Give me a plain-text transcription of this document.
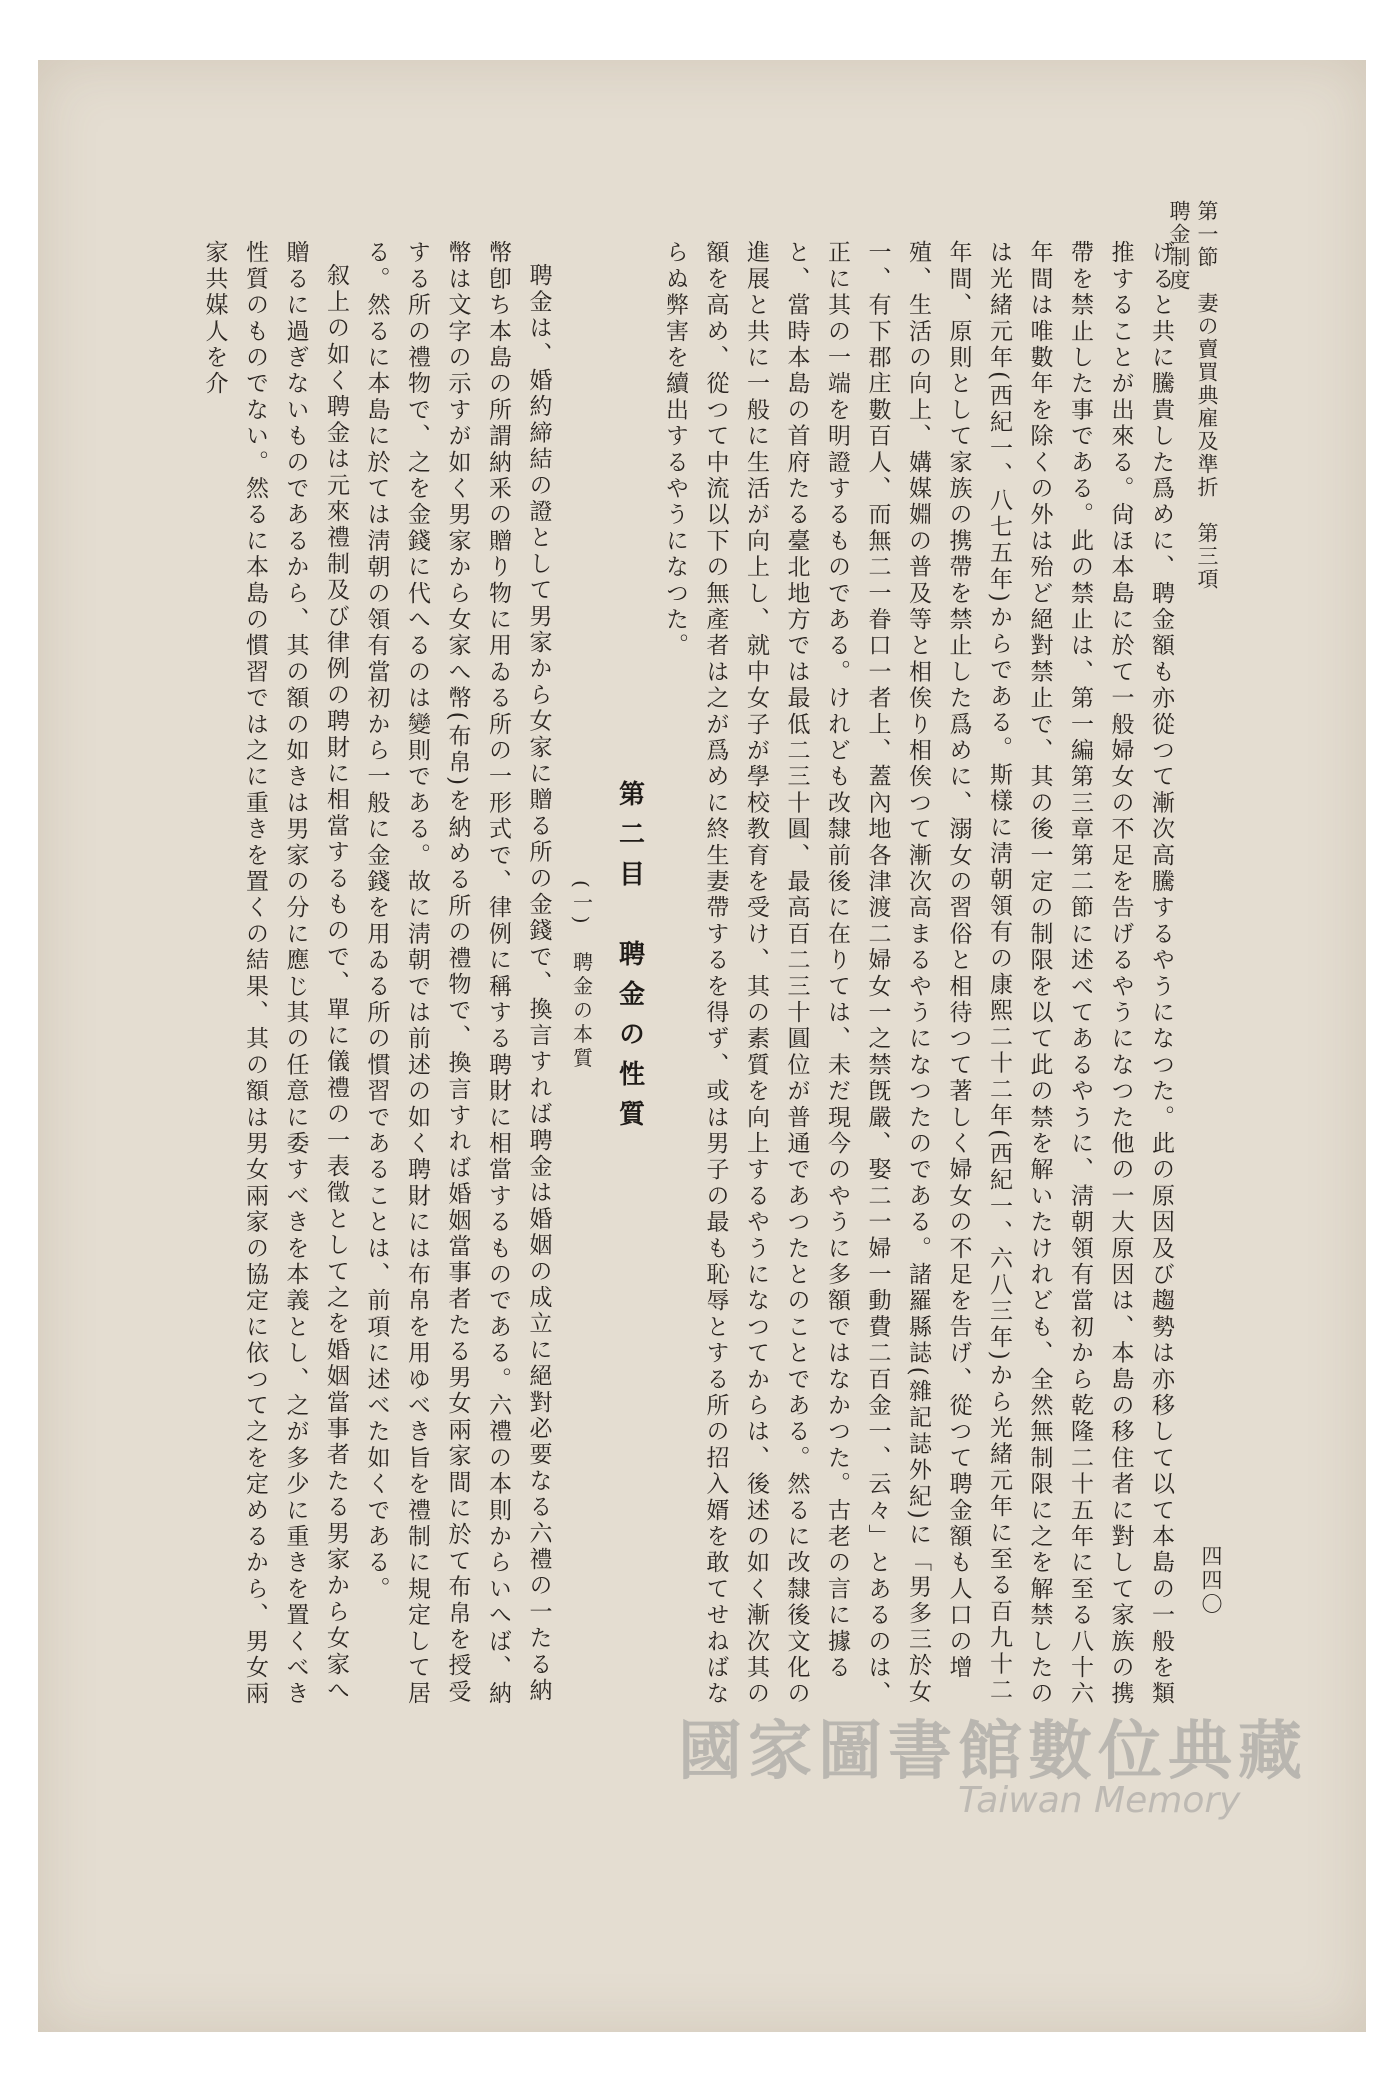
第一節　妻の賣買典雇及準折　第三項　聘金制度
四四〇

げると共に騰貴した爲めに、聘金額も亦從つて漸次高騰するやうになつた。此の原因及び趨勢は亦移して以て本島の一般を類推することが出來る。尙ほ本島に於て一般婦女の不足を告げるやうになつた他の一大原因は、本島の移住者に對して家族の携帶を禁止した事である。此の禁止は、第一編第三章第二節に述べてあるやうに、淸朝領有當初から乾隆二十五年に至る八十六年間は唯數年を除くの外は殆ど絕對禁止で、其の後一定の制限を以て此の禁を解いたけれども、全然無制限に之を解禁したのは光緒元年(西紀一、八七五年)からである。斯樣に淸朝領有の康熙二十二年(西紀一、六八三年)から光緒元年に至る百九十二年間、原則として家族の携帶を禁止した爲めに、溺女の習俗と相待つて著しく婦女の不足を告げ、從つて聘金額も人口の增殖、生活の向上、媾媒婣の普及等と相俟り相俟つて漸次高まるやうになつたのである。諸羅縣誌(雜記誌外紀)に「男多三於女一、有下郡庄數百人、而無二一眷口一者上、蓋內地各津渡二婦女一之禁旣嚴、娶二一婦一動費二百金一、云々」とあるのは、正に其の一端を明證するものである。けれども改隸前後に在りては、未だ現今のやうに多額ではなかつた。古老の言に據ると、當時本島の首府たる臺北地方では最低二三十圓、最高百二三十圓位が普通であつたとのことである。然るに改隸後文化の進展と共に一般に生活が向上し、就中女子が學校教育を受け、其の素質を向上するやうになつてからは、後述の如く漸次其の額を高め、從つて中流以下の無產者は之が爲めに終生妻帶するを得ず、或は男子の最も恥辱とする所の招入婿を敢てせねばならぬ弊害を續出するやうになつた。

第二目　聘金の性質

(一)　聘金の本質

聘金は、婚約締結の證として男家から女家に贈る所の金錢で、換言すれば聘金は婚姻の成立に絕對必要なる六禮の一たる納幣卽ち本島の所謂納釆の贈り物に用ゐる所の一形式で、律例に稱する聘財に相當するものである。六禮の本則からいへば、納幣は文字の示すが如く男家から女家へ幣(布帛)を納める所の禮物で、換言すれば婚姻當事者たる男女兩家間に於て布帛を授受する所の禮物で、之を金錢に代へるのは變則である。故に淸朝では前述の如く聘財には布帛を用ゆべき旨を禮制に規定して居る。然るに本島に於ては淸朝の領有當初から一般に金錢を用ゐる所の慣習であることは、前項に述べた如くである。

叙上の如く聘金は元來禮制及び律例の聘財に相當するもので、單に儀禮の一表徵として之を婚姻當事者たる男家から女家へ贈るに過ぎないものであるから、其の額の如きは男家の分に應じ其の任意に委すべきを本義とし、之が多少に重きを置くべき性質のものでない。然るに本島の慣習では之に重きを置くの結果、其の額は男女兩家の協定に依つて之を定めるから、男女兩家共媒人を介

國家圖書館數位典藏
Taiwan Memory
